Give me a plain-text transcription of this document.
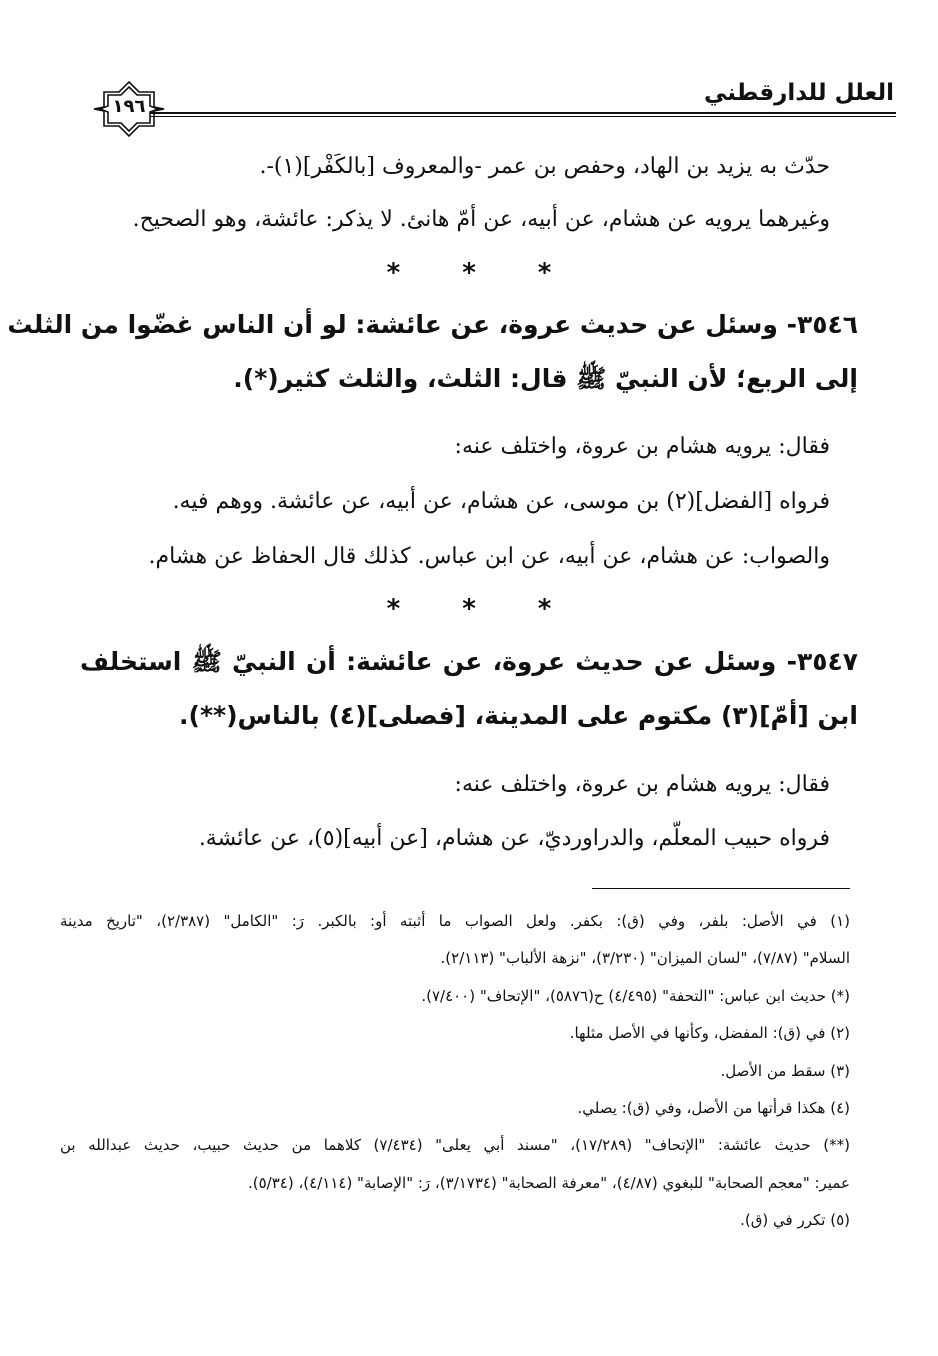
العلل للدارقطني
١٩٦
حدّث به يزيد بن الهاد، وحفص بن عمر -والمعروف [بالكَفْر](١)-.
وغيرهما يرويه عن هشام، عن أبيه، عن أمّ هانئ. لا يذكر: عائشة، وهو الصحيح.
***
٣٥٤٦- وسئل عن حديث عروة، عن عائشة: لو أن الناس غضّوا من الثلث
إلى الربع؛ لأن النبيّ ﷺ قال: الثلث، والثلث كثير(*).
فقال: يرويه هشام بن عروة، واختلف عنه:
فرواه [الفضل](٢) بن موسى، عن هشام، عن أبيه، عن عائشة. ووهم فيه.
والصواب: عن هشام، عن أبيه، عن ابن عباس. كذلك قال الحفاظ عن هشام.
***
٣٥٤٧- وسئل عن حديث عروة، عن عائشة: أن النبيّ ﷺ استخلف
ابن [أمّ](٣) مكتوم على المدينة، [فصلى](٤) بالناس(**).
فقال: يرويه هشام بن عروة، واختلف عنه:
فرواه حبيب المعلّم، والدراورديّ، عن هشام، [عن أبيه](٥)، عن عائشة.
(١) في الأصل: بلفر، وفي (ق): بكفر. ولعل الصواب ما أثبته أو: بالكبر. رَ: "الكامل" (٢/٣٨٧)، "تاريخ مدينة
السلام" (٧/٨٧)، "لسان الميزان" (٣/٢٣٠)، "نزهة الألباب" (٢/١١٣).
(*) حديث ابن عباس: "التحفة" (٤/٤٩٥) ح(٥٨٧٦)، "الإتحاف" (٧/٤٠٠).
(٢) في (ق): المفضل، وكأنها في الأصل مثلها.
(٣) سقط من الأصل.
(٤) هكذا قرأتها من الأصل، وفي (ق): يصلي.
(**) حديث عائشة: "الإتحاف" (١٧/٢٨٩)، "مسند أبي يعلى" (٧/٤٣٤) كلاهما من حديث حبيب، حديث عبدالله بن
عمير: "معجم الصحابة" للبغوي (٤/٨٧)، "معرفة الصحابة" (٣/١٧٣٤)، رَ: "الإصابة" (٤/١١٤)، (٥/٣٤).
(٥) تكرر في (ق).
